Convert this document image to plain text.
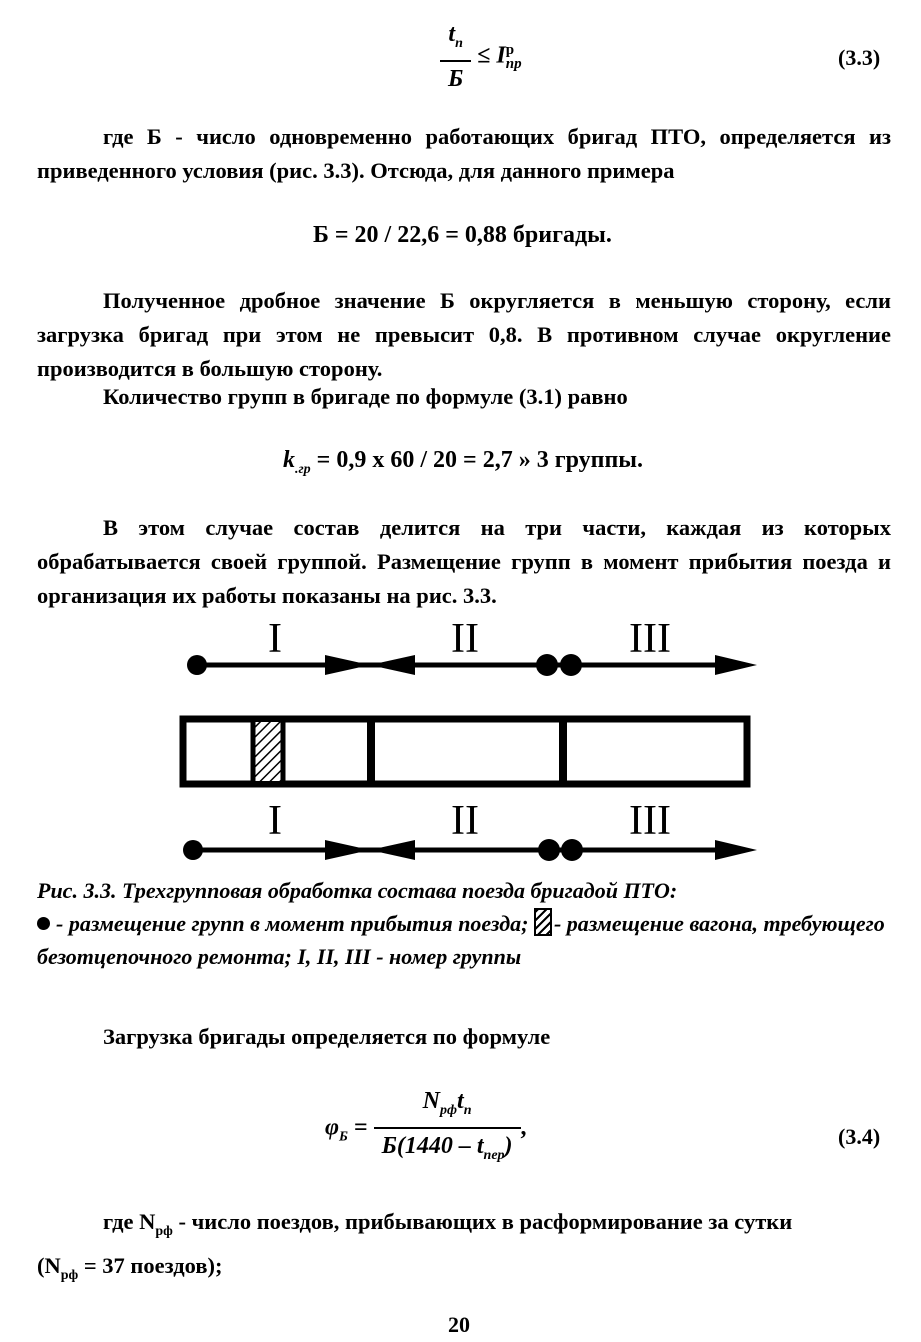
$\frac{t_п}{Б} \le I$ р
пр	(3.3)
где Б - число одновременно работающих бригад ПТО, определяется из приведенного условия (рис. 3.3). Отсюда, для данного примера
Б = 20 / 22,6 = 0,88 бригады.
Полученное дробное значение Б округляется в меньшую сторону, если загрузка бригад при этом не превысит 0,8. В противном случае округление производится в большую сторону.
Количество групп в бригаде по формуле (3.1) равно
$k_{.гр} = 0,9$ х 60 / 20 = 2,7 » 3 группы.
В этом случае состав делится на три части, каждая из которых обрабатывается своей группой. Размещение групп в момент прибытия поезда и организация их работы показаны на рис. 3.3.
I	II	III
I	II	III
Рис. 3.3. Трехгрупповая обработка состава поезда бригадой ПТО:
- размещение групп в момент прибытия поезда; - размещение вагона, требующего безотцепочного ремонта; I, II, III - номер группы
Загрузка бригады определяется по формуле
$\varphi_Б = \frac{N_{рф}t_п}{Б(1440 - t_{пер})}$ ,	(3.4)
где $N_{рф}$ - число поездов, прибывающих в расформирование за сутки
($N_{рф} = 37$ поездов);
20
